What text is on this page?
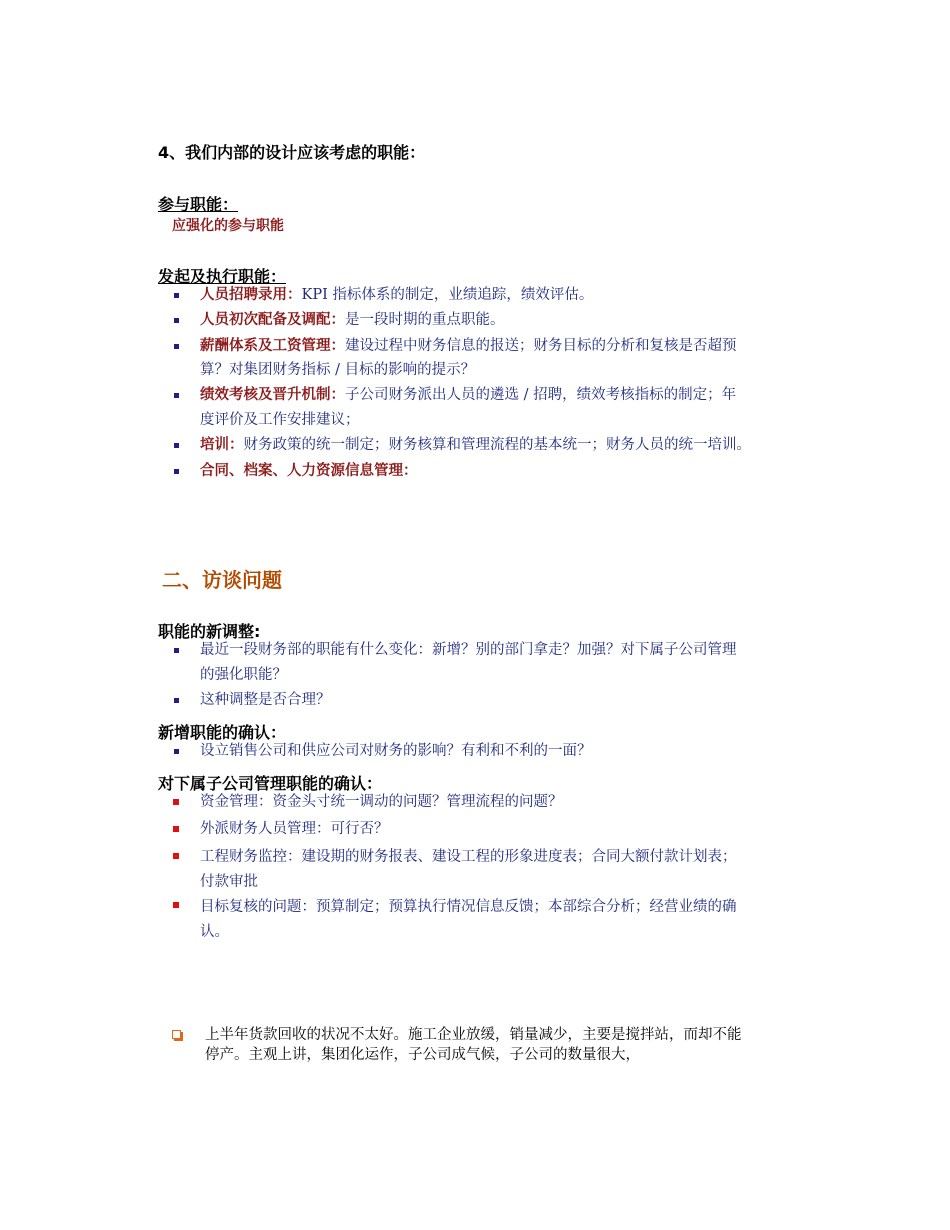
4、我们内部的设计应该考虑的职能：
参与职能：
应强化的参与职能
发起及执行职能：
人员招聘录用：KPI 指标体系的制定，业绩追踪，绩效评估。
人员初次配备及调配：是一段时期的重点职能。
薪酬体系及工资管理：建设过程中财务信息的报送；财务目标的分析和复核是否超预
算？对集团财务指标 / 目标的影响的提示？
绩效考核及晋升机制：子公司财务派出人员的遴选 / 招聘，绩效考核指标的制定；年
度评价及工作安排建议；
培训：财务政策的统一制定；财务核算和管理流程的基本统一；财务人员的统一培训。
合同、档案、人力资源信息管理：
二、访谈问题
职能的新调整:
最近一段财务部的职能有什么变化：新增？别的部门拿走？加强？对下属子公司管理
的强化职能？
这种调整是否合理？
新增职能的确认：
设立销售公司和供应公司对财务的影响？有利和不利的一面？
对下属子公司管理职能的确认：
资金管理：资金头寸统一调动的问题？管理流程的问题？
外派财务人员管理：可行否？
工程财务监控：建设期的财务报表、建设工程的形象进度表；合同大额付款计划表；
付款审批
目标复核的问题：预算制定；预算执行情况信息反馈；本部综合分析；经营业绩的确
认。
上半年货款回收的状况不太好。施工企业放缓，销量减少，主要是搅拌站，而却不能
停产。主观上讲，集团化运作，子公司成气候，子公司的数量很大，
